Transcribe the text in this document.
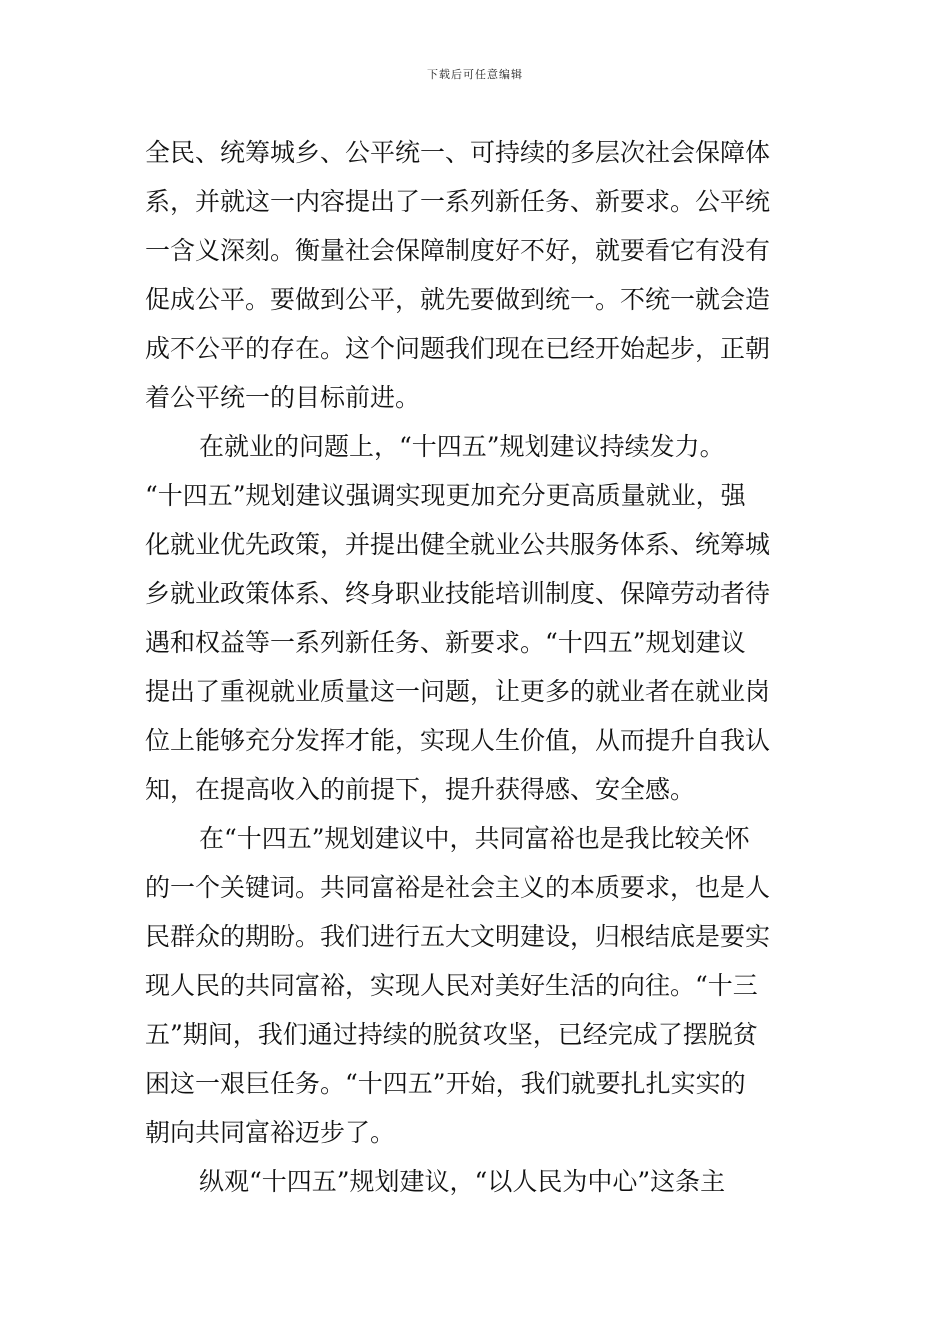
下载后可任意编辑
全民、统筹城乡、公平统一、可持续的多层次社会保障体
系，并就这一内容提出了一系列新任务、新要求。公平统
一含义深刻。衡量社会保障制度好不好，就要看它有没有
促成公平。要做到公平，就先要做到统一。不统一就会造
成不公平的存在。这个问题我们现在已经开始起步，正朝
着公平统一的目标前进。
在就业的问题上，“十四五”规划建议持续发力。
“十四五”规划建议强调实现更加充分更高质量就业，强
化就业优先政策，并提出健全就业公共服务体系、统筹城
乡就业政策体系、终身职业技能培训制度、保障劳动者待
遇和权益等一系列新任务、新要求。“十四五”规划建议
提出了重视就业质量这一问题，让更多的就业者在就业岗
位上能够充分发挥才能，实现人生价值，从而提升自我认
知，在提高收入的前提下，提升获得感、安全感。
在“十四五”规划建议中，共同富裕也是我比较关怀
的一个关键词。共同富裕是社会主义的本质要求，也是人
民群众的期盼。我们进行五大文明建设，归根结底是要实
现人民的共同富裕，实现人民对美好生活的向往。“十三
五”期间，我们通过持续的脱贫攻坚，已经完成了摆脱贫
困这一艰巨任务。“十四五”开始，我们就要扎扎实实的
朝向共同富裕迈步了。
纵观“十四五”规划建议，“以人民为中心”这条主
